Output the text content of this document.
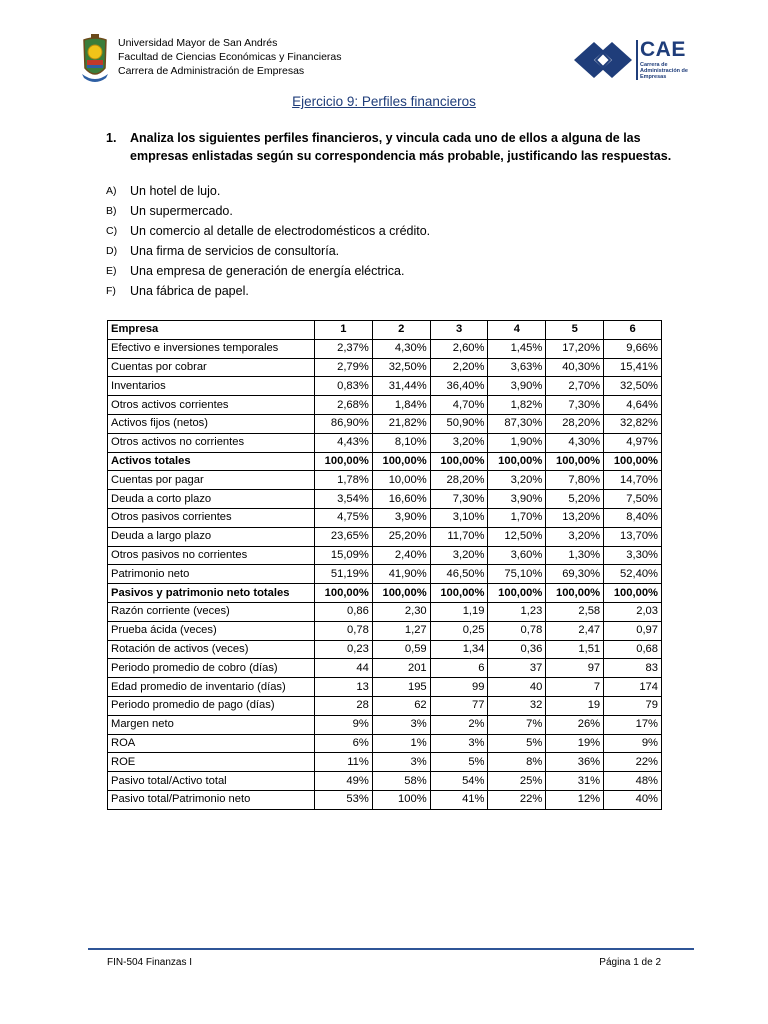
Universidad Mayor de San Andrés
Facultad de Ciencias Económicas y Financieras
Carrera de Administración de Empresas
CAE
Carrera de Administración de Empresas
Ejercicio 9: Perfiles financieros
1. Analiza los siguientes perfiles financieros, y vincula cada uno de ellos a alguna de las empresas enlistadas según su correspondencia más probable, justificando las respuestas.
A)	Un hotel de lujo.
B)	Un supermercado.
C)	Un comercio al detalle de electrodomésticos a crédito.
D)	Una firma de servicios de consultoría.
E)	Una empresa de generación de energía eléctrica.
F)	Una fábrica de papel.
Empresa	1	2	3	4	5	6
Efectivo e inversiones temporales	2,37%	4,30%	2,60%	1,45%	17,20%	9,66%
Cuentas por cobrar	2,79%	32,50%	2,20%	3,63%	40,30%	15,41%
Inventarios	0,83%	31,44%	36,40%	3,90%	2,70%	32,50%
Otros activos corrientes	2,68%	1,84%	4,70%	1,82%	7,30%	4,64%
Activos fijos (netos)	86,90%	21,82%	50,90%	87,30%	28,20%	32,82%
Otros activos no corrientes	4,43%	8,10%	3,20%	1,90%	4,30%	4,97%
Activos totales	100,00%	100,00%	100,00%	100,00%	100,00%	100,00%
Cuentas por pagar	1,78%	10,00%	28,20%	3,20%	7,80%	14,70%
Deuda a corto plazo	3,54%	16,60%	7,30%	3,90%	5,20%	7,50%
Otros pasivos corrientes	4,75%	3,90%	3,10%	1,70%	13,20%	8,40%
Deuda a largo plazo	23,65%	25,20%	11,70%	12,50%	3,20%	13,70%
Otros pasivos no corrientes	15,09%	2,40%	3,20%	3,60%	1,30%	3,30%
Patrimonio neto	51,19%	41,90%	46,50%	75,10%	69,30%	52,40%
Pasivos y patrimonio neto totales	100,00%	100,00%	100,00%	100,00%	100,00%	100,00%
Razón corriente (veces)	0,86	2,30	1,19	1,23	2,58	2,03
Prueba ácida (veces)	0,78	1,27	0,25	0,78	2,47	0,97
Rotación de activos (veces)	0,23	0,59	1,34	0,36	1,51	0,68
Periodo promedio de cobro (días)	44	201	6	37	97	83
Edad promedio de inventario (días)	13	195	99	40	7	174
Periodo promedio de pago (días)	28	62	77	32	19	79
Margen neto	9%	3%	2%	7%	26%	17%
ROA	6%	1%	3%	5%	19%	9%
ROE	11%	3%	5%	8%	36%	22%
Pasivo total/Activo total	49%	58%	54%	25%	31%	48%
Pasivo total/Patrimonio neto	53%	100%	41%	22%	12%	40%
FIN-504 Finanzas I	Página 1 de 2
